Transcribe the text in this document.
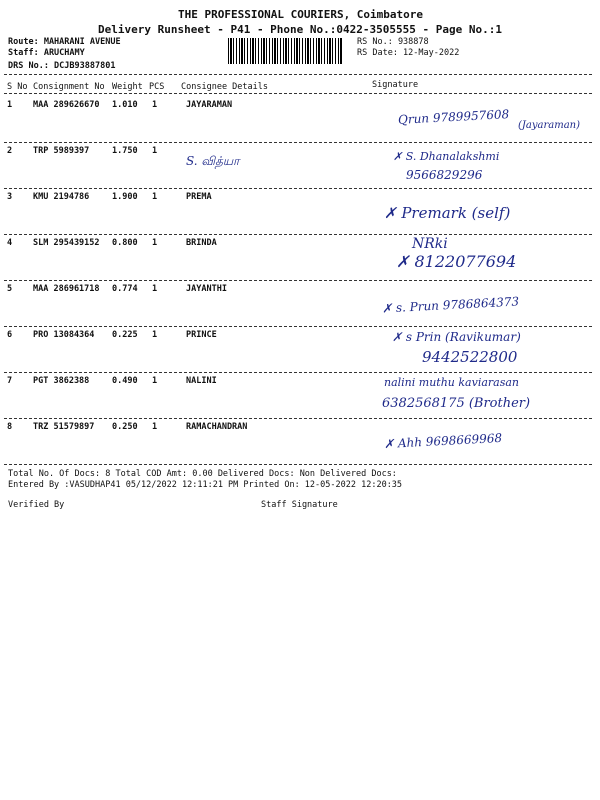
THE PROFESSIONAL COURIERS, Coimbatore
Delivery Runsheet - P41 - Phone No.:0422-3505555 - Page No.:1
Route: MAHARANI AVENUE
Staff: ARUCHAMY
DRS No.: DCJB93887801
RS No.: 938878
RS Date: 12-May-2022
S No Consignment No Weight PCS Consignee Details	Signature
1 MAA 289626670 1.010 1	JAYARAMAN
Qrun 9789957608 (Jayaraman)
2 TRP 5989397	1.750 1
S. வித்யா	✗ S. Dhanalakshmi
9566829296
3 KMU 2194786	1.900 1	PREMA
✗ Premark (self)
4 SLM 295439152 0.800 1	BRINDA	NRki
✗ 8122077694
5 MAA 286961718 0.774 1	JAYANTHI
✗ s. Prun 9786864373
6 PRO 13084364 0.225 1	PRINCE	✗ s Prin (Ravikumar)
9442522800
7 PGT 3862388	0.490 1	NALINI	nalini muthu kaviarasan
6382568175 (Brother)
8 TRZ 51579897 0.250 1	RAMACHANDRAN
✗ Ahh 9698669968
Total No. Of Docs: 8 Total COD Amt: 0.00 Delivered Docs: Non Delivered Docs:
Entered By :VASUDHAP41 05/12/2022 12:11:21 PM Printed On: 12-05-2022 12:20:35
Verified By	Staff Signature
